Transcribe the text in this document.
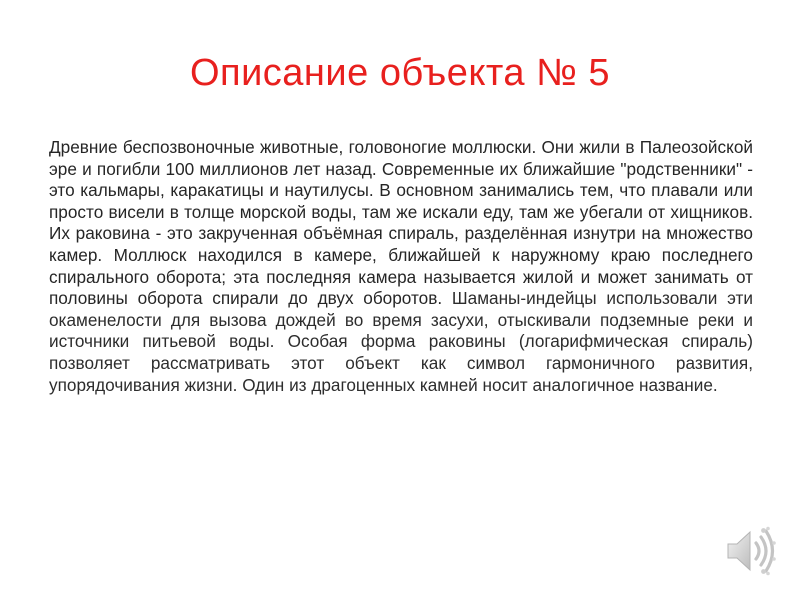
Описание объекта № 5
Древние беспозвоночные животные, головоногие моллюски. Они жили в Палеозойской эре и погибли 100 миллионов лет назад. Современные их ближайшие "родственники" - это кальмары, каракатицы и наутилусы. В основном занимались тем, что плавали или просто висели в толще морской воды, там же искали еду, там же убегали от хищников. Их раковина - это закрученная объёмная спираль, разделённая изнутри на множество камер. Моллюск находился в камере, ближайшей к наружному краю последнего спирального оборота; эта последняя камера называется жилой и может занимать от половины оборота спирали до двух оборотов. Шаманы-индейцы использовали эти окаменелости для вызова дождей во время засухи, отыскивали подземные реки и источники питьевой воды. Особая форма раковины (логарифмическая спираль) позволяет рассматривать этот объект как символ гармоничного развития, упорядочивания жизни. Один из драгоценных камней носит аналогичное название.
